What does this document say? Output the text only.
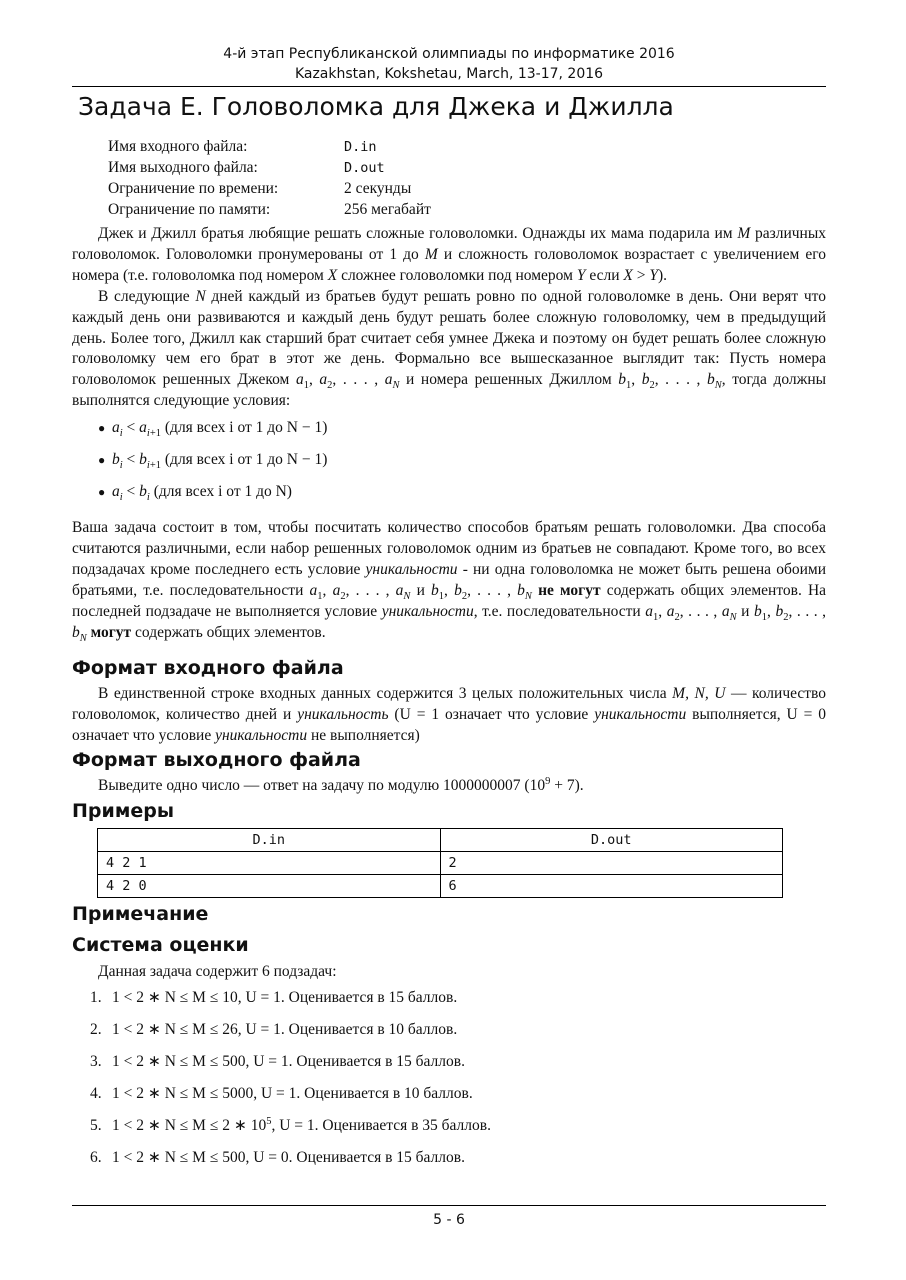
4-й этап Республиканской олимпиады по информатике 2016
Kazakhstan, Kokshetau, March, 13-17, 2016
Задача E. Головоломка для Джека и Джилла
Имя входного файла:	D.in
Имя выходного файла:	D.out
Ограничение по времени:	2 секунды
Ограничение по памяти:	256 мегабайт

Джек и Джилл братья любящие решать сложные головоломки. Однажды их мама подарила им M различных головоломок. Головоломки пронумерованы от 1 до M и сложность головоломок возрастает с увеличением его номера (т.е. головоломка под номером X сложнее головоломки под номером Y если X > Y).

В следующие N дней каждый из братьев будут решать ровно по одной головоломке в день. Они верят что каждый день они развиваются и каждый день будут решать более сложную головоломку, чем в предыдущий день. Более того, Джилл как старший брат считает себя умнее Джека и поэтому он будет решать более сложную головоломку чем его брат в этот же день. Формально все вышесказанное выглядит так: Пусть номера головоломок решенных Джеком $a_1$, $a_2$, . . . , $a_N$ и номера решенных Джиллом $b_1$, $b_2$, . . . , $b_N$, тогда должны выполнятся следующие условия:

● $a_i < a_{i+1}$ (для всех i от 1 до N − 1)
● $b_i < b_{i+1}$ (для всех i от 1 до N − 1)
● $a_i < b_i$ (для всех i от 1 до N)

Ваша задача состоит в том, чтобы посчитать количество способов братьям решать головоломки. Два способа считаются различными, если набор решенных головоломок одним из братьев не совпадают. Кроме того, во всех подзадачах кроме последнего есть условие уникальности - ни одна головоломка не может быть решена обоими братьями, т.е. последовательности $a_1$, $a_2$, . . . , $a_N$ и $b_1$, $b_2$, . . . , $b_N$ не могут содержать общих элементов. На последней подзадаче не выполняется условие уникальности, т.е. последовательности $a_1$, $a_2$, . . . , $a_N$ и $b_1$, $b_2$, . . . , $b_N$ могут содержать общих элементов.

Формат входного файла

В единственной строке входных данных содержится 3 целых положительных числа M, N, U — количество головоломок, количество дней и уникальность (U = 1 означает что условие уникальности выполняется, U = 0 означает что условие уникальности не выполняется)

Формат выходного файла

Выведите одно число — ответ на задачу по модулю 1000000007 $(10^9 + 7)$.

Примеры
D.in	D.out
4 2 1	2
4 2 0	6
Примечание
Система оценки

Данная задача содержит 6 подзадач:

1. 1 < 2 ∗ N ≤ M ≤ 10, U = 1. Оценивается в 15 баллов.
2. 1 < 2 ∗ N ≤ M ≤ 26, U = 1. Оценивается в 10 баллов.
3. 1 < 2 ∗ N ≤ M ≤ 500, U = 1. Оценивается в 15 баллов.
4. 1 < 2 ∗ N ≤ M ≤ 5000, U = 1. Оценивается в 10 баллов.
5. 1 < 2 ∗ N ≤ M ≤ 2 ∗ $10^5$, U = 1. Оценивается в 35 баллов.
6. 1 < 2 ∗ N ≤ M ≤ 500, U = 0. Оценивается в 15 баллов.
5 - 6
